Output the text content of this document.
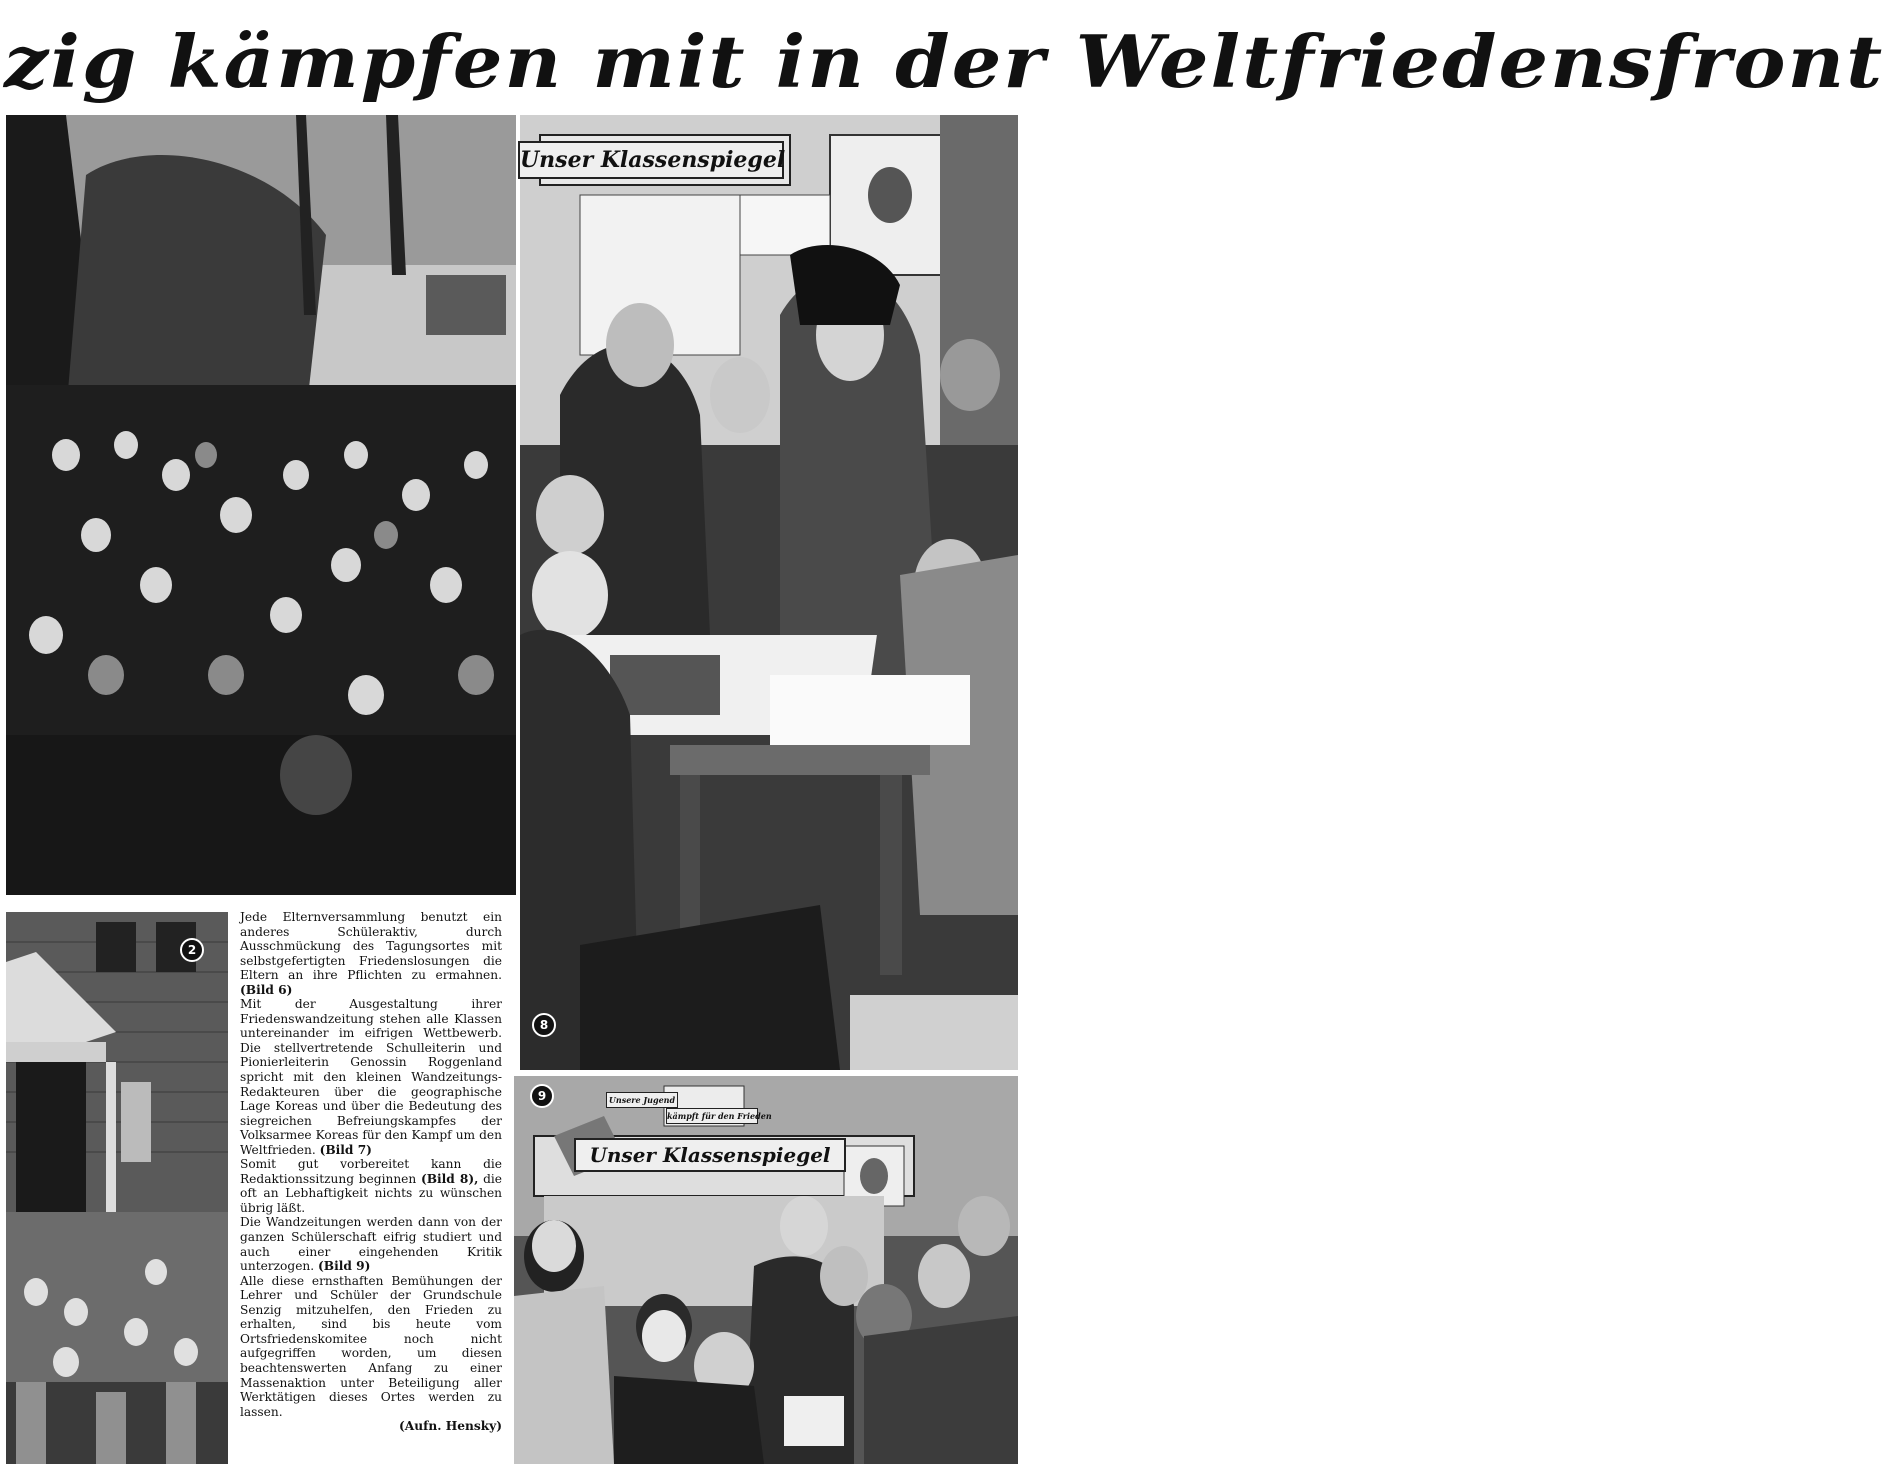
zig kämpfen mit in der Weltfriedensfront
Unser Klassenspiegel
8
2

Jede Elternversammlung benutzt ein anderes Schüleraktiv, durch Ausschmückung des Tagungsortes mit selbstgefertigten Friedenslosungen die Eltern an ihre Pflichten zu ermahnen. (Bild 6)

Mit der Ausgestaltung ihrer Friedenswandzeitung stehen alle Klassen untereinander im eifrigen Wettbewerb. Die stellvertretende Schulleiterin und Pionierleiterin Genossin Roggenland spricht mit den kleinen Wandzeitungs-Redakteuren über die geographische Lage Koreas und über die Bedeutung des siegreichen Befreiungskampfes der Volksarmee Koreas für den Kampf um den Weltfrieden. (Bild 7)

Somit gut vorbereitet kann die Redaktionssitzung beginnen (Bild 8), die oft an Lebhaftigkeit nichts zu wünschen übrig läßt.

Die Wandzeitungen werden dann von der ganzen Schülerschaft eifrig studiert und auch einer eingehenden Kritik unterzogen. (Bild 9)

Alle diese ernsthaften Bemühungen der Lehrer und Schüler der Grundschule Senzig mitzuhelfen, den Frieden zu erhalten, sind bis heute vom Ortsfriedenskomitee noch nicht aufgegriffen worden, um diesen beachtenswerten Anfang zu einer Massenaktion unter Beteiligung aller Werktätigen dieses Ortes werden zu lassen.

(Aufn. Hensky)

Unser Klassenspiegel
Unsere Jugend
kämpft für den Frieden
9
